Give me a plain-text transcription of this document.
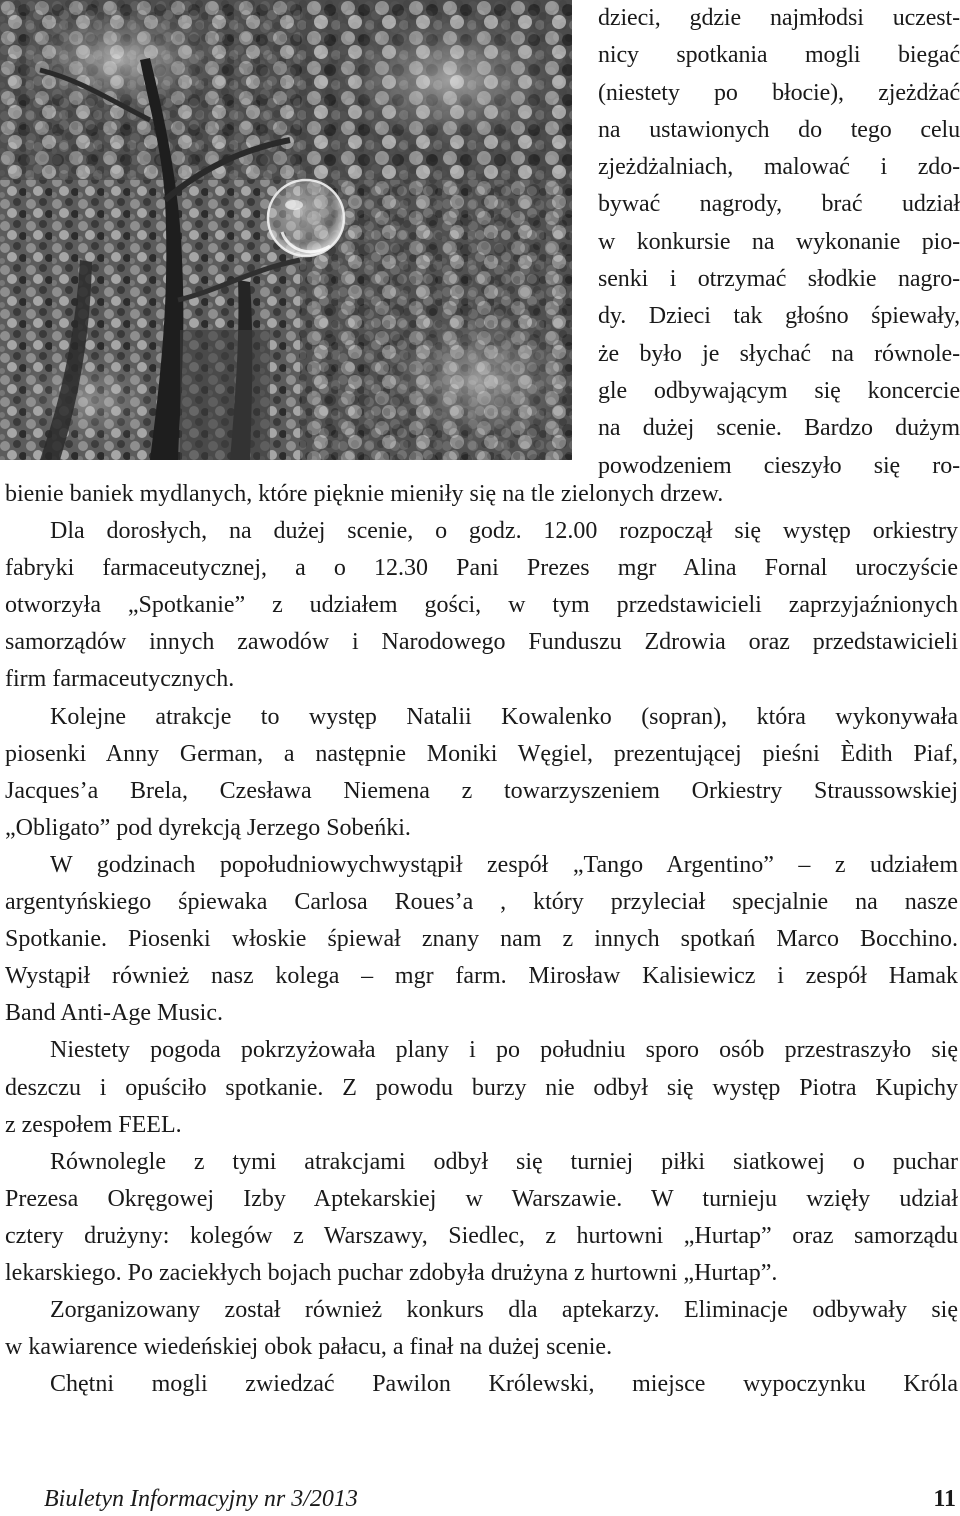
dzieci, gdzie najmłodsi uczest-
nicy spotkania mogli biegać
(niestety po błocie), zjeżdżać
na ustawionych do tego celu
zjeżdżalniach, malować i zdo-
bywać nagrody, brać udział
w konkursie na wykonanie pio-
senki i otrzymać słodkie nagro-
dy. Dzieci tak głośno śpiewały,
że było je słychać na równole-
gle odbywającym się koncercie
na dużej scenie. Bardzo dużym
powodzeniem cieszyło się ro-
bienie baniek mydlanych, które pięknie mieniły się na tle zielonych drzew.
Dla dorosłych, na dużej scenie, o godz. 12.00 rozpoczął się występ orkiestry
fabryki farmaceutycznej, a o 12.30 Pani Prezes mgr Alina Fornal uroczyście
otworzyła „Spotkanie” z udziałem gości, w tym przedstawicieli zaprzyjaźnionych
samorządów innych zawodów i Narodowego Funduszu Zdrowia oraz przedstawicieli
firm farmaceutycznych.
Kolejne atrakcje to występ Natalii Kowalenko (sopran), która wykonywała
piosenki Anny German, a następnie Moniki Węgiel, prezentującej pieśni Èdith Piaf,
Jacques’a Brela, Czesława Niemena z towarzyszeniem Orkiestry Straussowskiej
„Obligato” pod dyrekcją Jerzego Sobeńki.
W godzinach popołudniowychwystąpił zespół „Tango Argentino” – z udziałem
argentyńskiego śpiewaka Carlosa Roues’a , który przyleciał specjalnie na nasze
Spotkanie. Piosenki włoskie śpiewał znany nam z innych spotkań Marco Bocchino.
Wystąpił również nasz kolega – mgr farm. Mirosław Kalisiewicz i zespół Hamak
Band Anti-Age Music.
Niestety pogoda pokrzyżowała plany i po południu sporo osób przestraszyło się
deszczu i opuściło spotkanie. Z powodu burzy nie odbył się występ Piotra Kupichy
z zespołem FEEL.
Równolegle z tymi atrakcjami odbył się turniej piłki siatkowej o puchar
Prezesa Okręgowej Izby Aptekarskiej w Warszawie. W turnieju wzięły udział
cztery drużyny: kolegów z Warszawy, Siedlec, z hurtowni „Hurtap” oraz samorządu
lekarskiego. Po zaciekłych bojach puchar zdobyła drużyna z hurtowni „Hurtap”.
Zorganizowany został również konkurs dla aptekarzy. Eliminacje odbywały się
w kawiarence wiedeńskiej obok pałacu, a finał na dużej scenie.
Chętni mogli zwiedzać Pawilon Królewski, miejsce wypoczynku Króla
Biuletyn Informacyjny nr 3/2013	11
